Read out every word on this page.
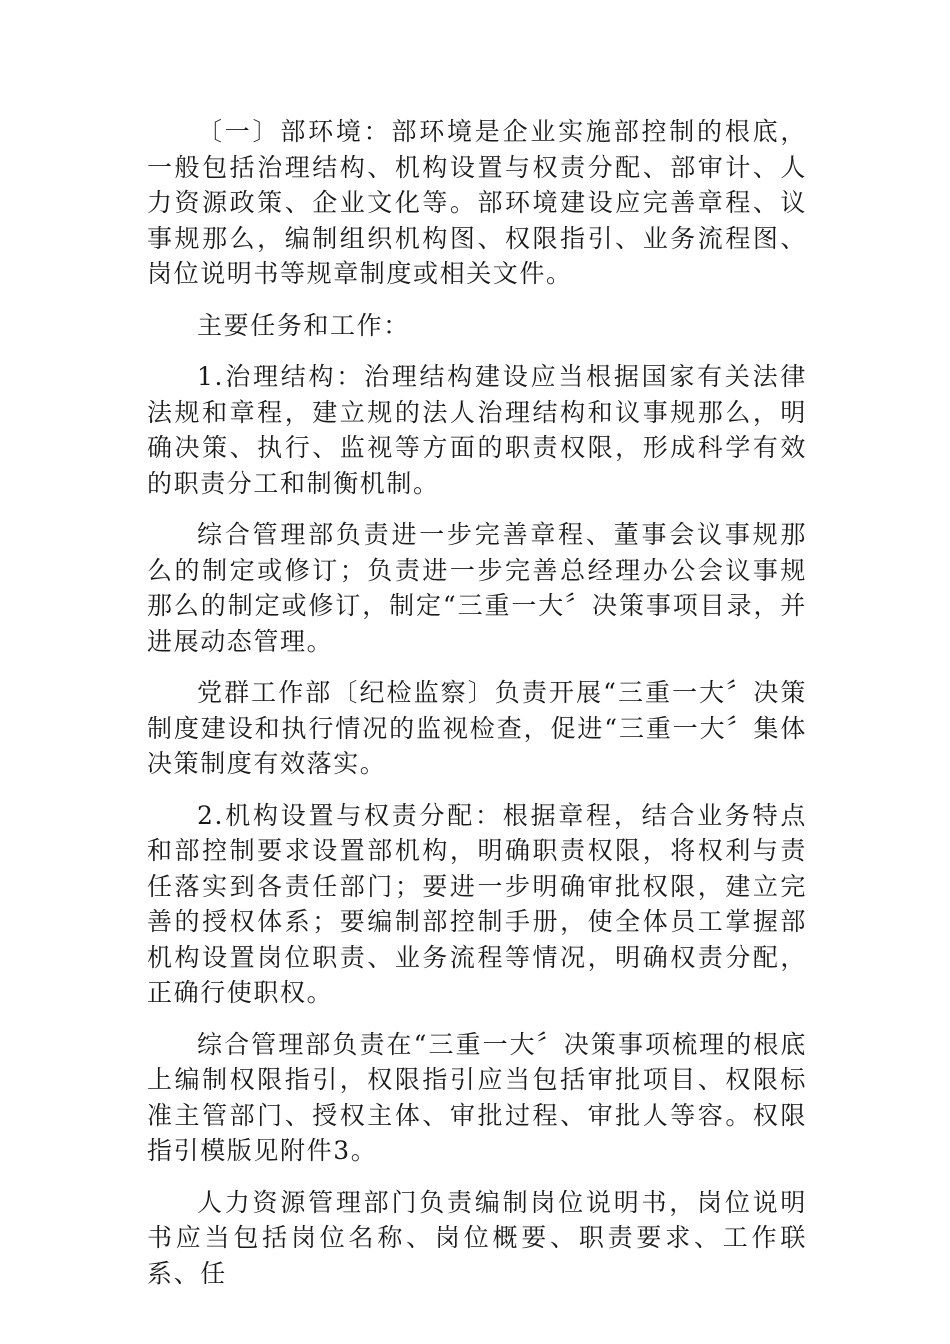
〔一〕部环境：部环境是企业实施部控制的根底，一般包括治理结构、机构设置与权责分配、部审计、人力资源政策、企业文化等。部环境建设应完善章程、议事规那么，编制组织机构图、权限指引、业务流程图、岗位说明书等规章制度或相关文件。

主要任务和工作：

1.治理结构：治理结构建设应当根据国家有关法律法规和章程，建立规的法人治理结构和议事规那么，明确决策、执行、监视等方面的职责权限，形成科学有效的职责分工和制衡机制。

综合管理部负责进一步完善章程、董事会议事规那么的制定或修订；负责进一步完善总经理办公会议事规那么的制定或修订，制定“三重一大〞决策事项目录，并进展动态管理。

党群工作部〔纪检监察〕负责开展“三重一大〞决策制度建设和执行情况的监视检查，促进“三重一大〞集体决策制度有效落实。

2.机构设置与权责分配：根据章程，结合业务特点和部控制要求设置部机构，明确职责权限，将权利与责任落实到各责任部门；要进一步明确审批权限，建立完善的授权体系；要编制部控制手册，使全体员工掌握部机构设置岗位职责、业务流程等情况，明确权责分配，正确行使职权。

综合管理部负责在“三重一大〞决策事项梳理的根底上编制权限指引，权限指引应当包括审批项目、权限标准主管部门、授权主体、审批过程、审批人等容。权限指引模版见附件3。

人力资源管理部门负责编制岗位说明书，岗位说明书应当包括岗位名称、岗位概要、职责要求、工作联系、任
